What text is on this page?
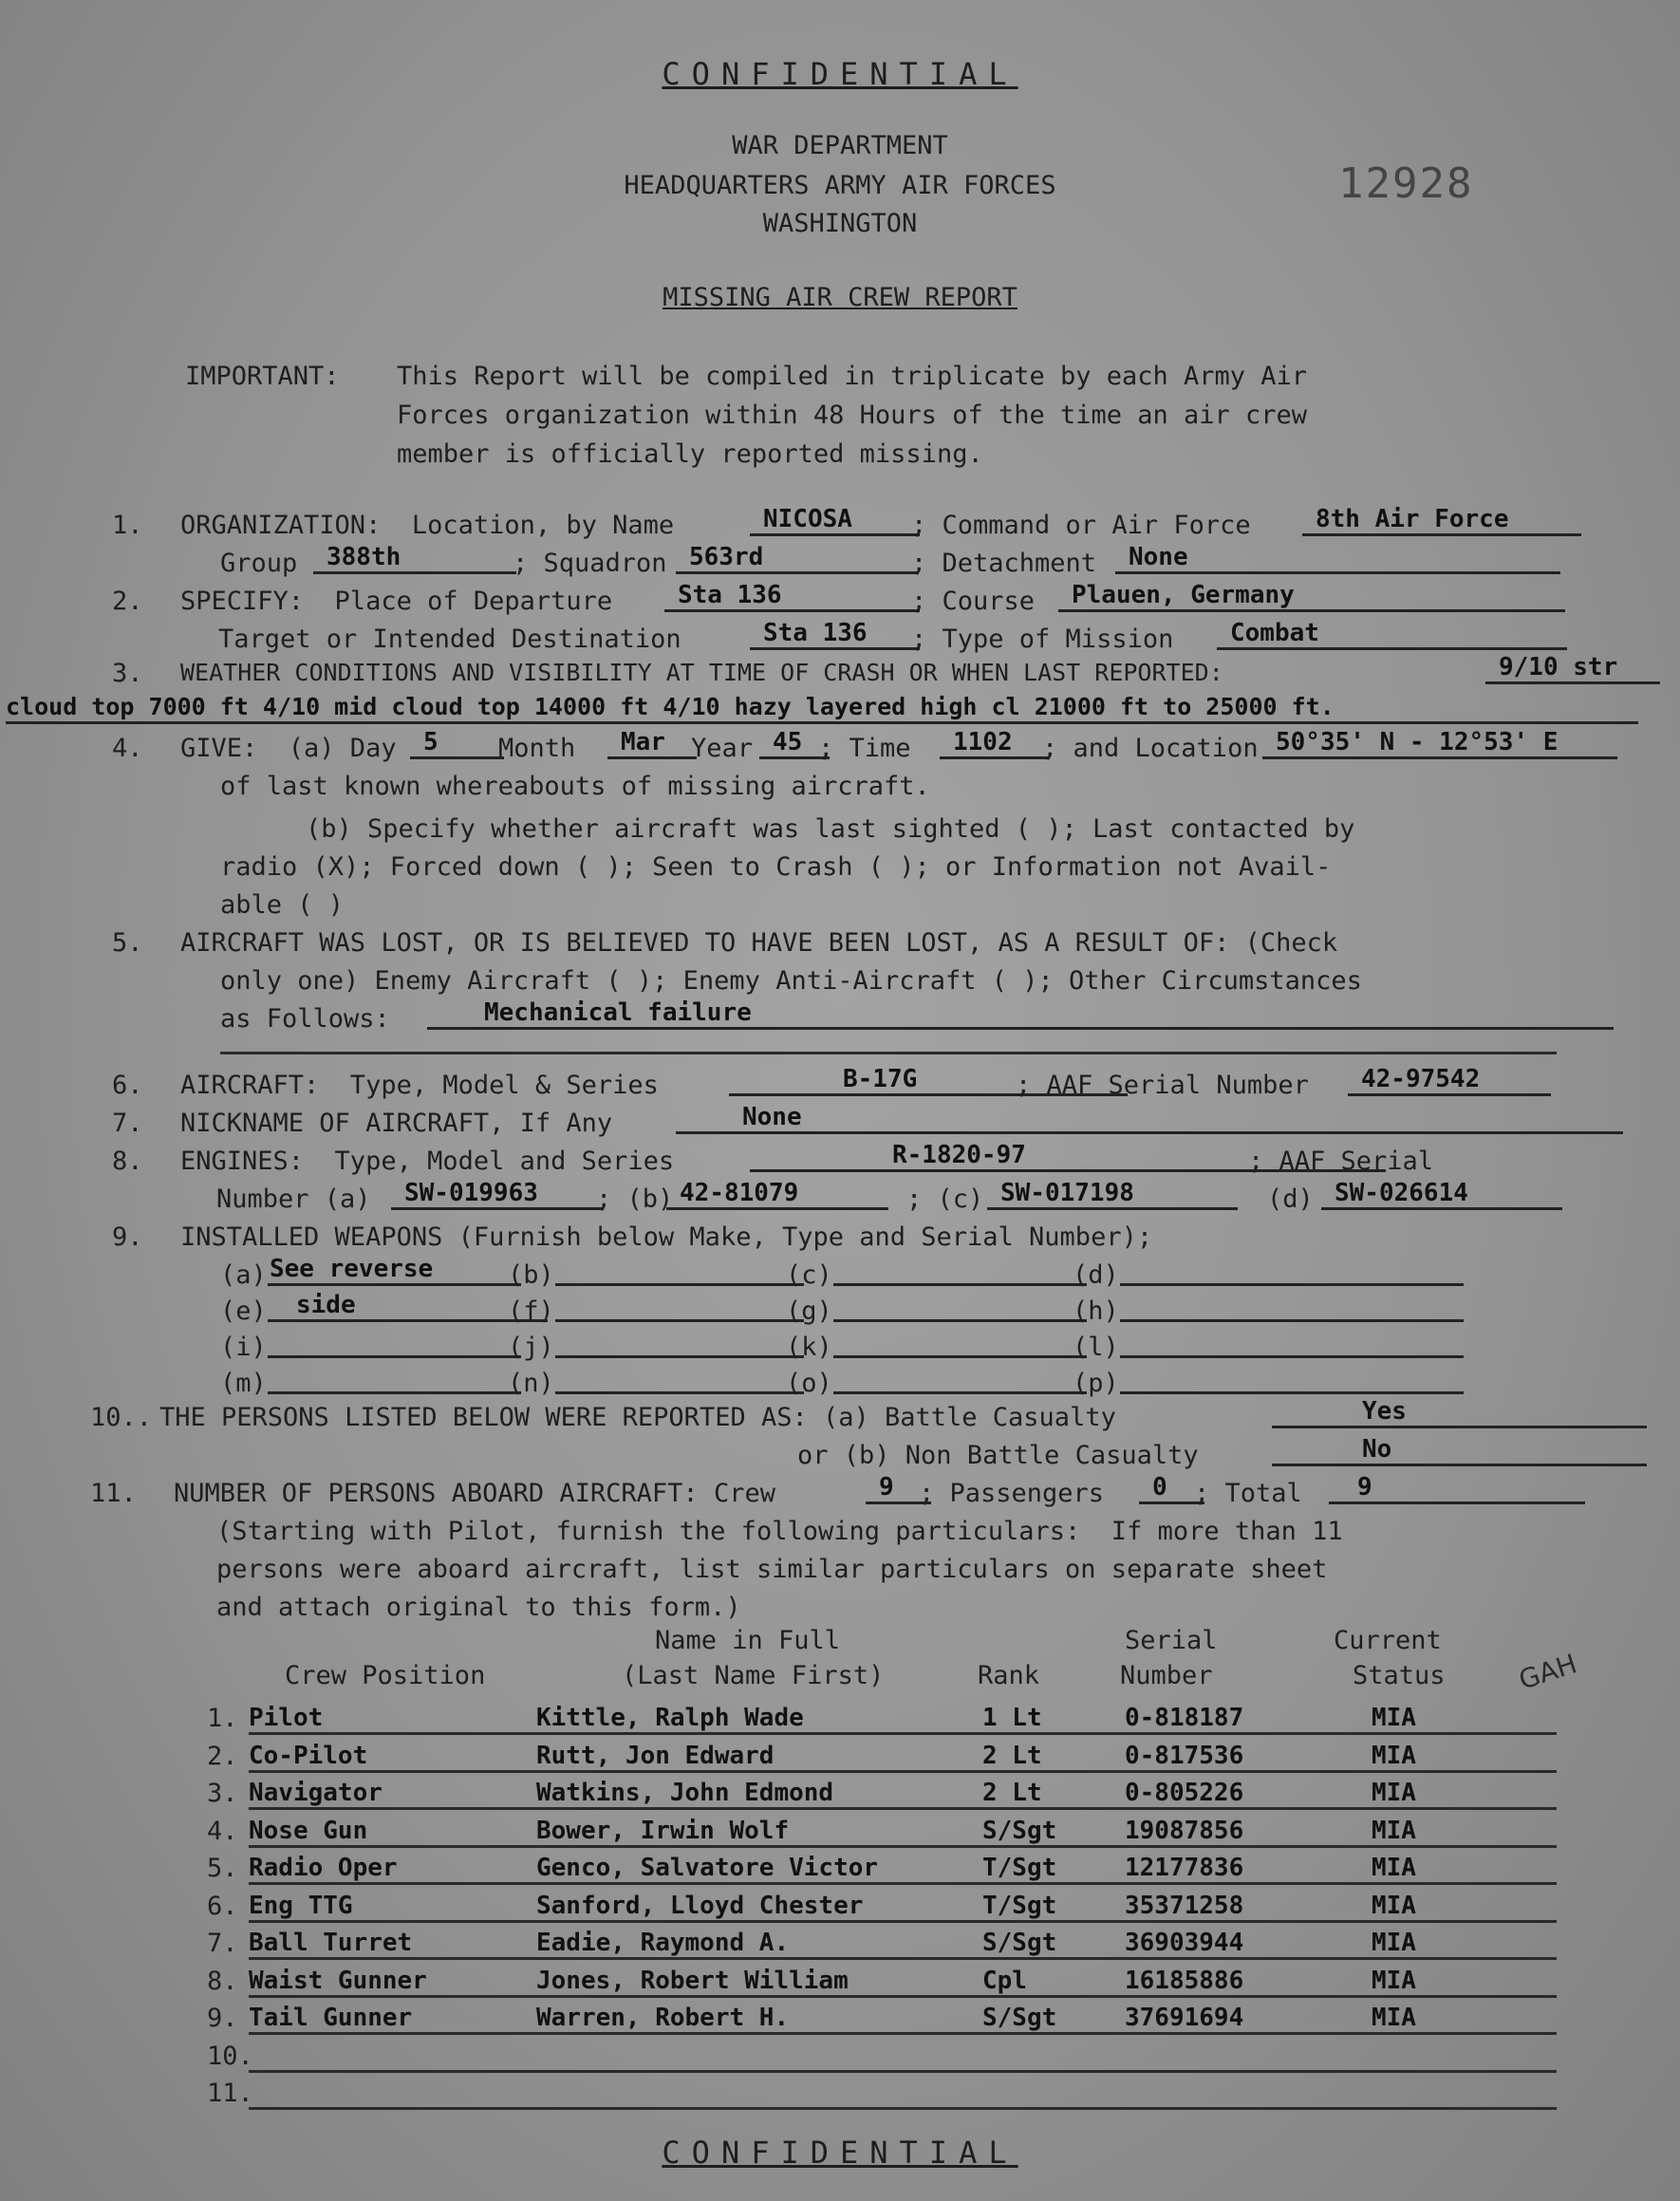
CONFIDENTIAL
WAR DEPARTMENT
HEADQUARTERS ARMY AIR FORCES
WASHINGTON
12928
MISSING AIR CREW REPORT
IMPORTANT: This Report will be compiled in triplicate by each Army Air
Forces organization within 48 Hours of the time an air crew
member is officially reported missing.
1. ORGANIZATION:  Location, by Name	NICOSA	; Command or Air Force	8th Air Force
Group	388th	; Squadron 563rd	; Detachment	None
2. SPECIFY:  Place of Departure	Sta 136	; Course	Plauen, Germany
Target or Intended Destination	Sta 136	; Type of Mission	Combat
3. WEATHER CONDITIONS AND VISIBILITY AT TIME OF CRASH OR WHEN LAST REPORTED:	9/10 str
cloud top 7000 ft 4/10 mid cloud top 14000 ft 4/10 hazy layered high cl 21000 ft to 25000 ft.
4. GIVE:  (a) Day	5	Month	Mar	Year 45 ; Time	1102	; and Location 50°35' N - 12°53' E
of last known whereabouts of missing aircraft.
(b) Specify whether aircraft was last sighted ( ); Last contacted by
radio (X); Forced down ( ); Seen to Crash ( ); or Information not Avail-
able ( )
5. AIRCRAFT WAS LOST, OR IS BELIEVED TO HAVE BEEN LOST, AS A RESULT OF: (Check
only one) Enemy Aircraft ( ); Enemy Anti-Aircraft ( ); Other Circumstances
as Follows:	Mechanical failure
6. AIRCRAFT:  Type, Model & Series	B-17G	; AAF Serial Number	42-97542
7. NICKNAME OF AIRCRAFT, If Any	None
8. ENGINES:  Type, Model and Series	R-1820-97	; AAF Serial
Number (a)	SW-019963	; (b) 42-81079	; (c) SW-017198	(d) SW-026614
9. INSTALLED WEAPONS (Furnish below Make, Type and Serial Number);
(a) See reverse	(b)	(c)	(d)
(e)	side	(f)	(g)	(h)
(i)	(j)	(k)	(l)
(m)	(n)	(o)	(p)
10.. THE PERSONS LISTED BELOW WERE REPORTED AS: (a) Battle Casualty	Yes
or (b) Non Battle Casualty	No
11. NUMBER OF PERSONS ABOARD AIRCRAFT: Crew	9 ; Passengers	0	; Total	9
(Starting with Pilot, furnish the following particulars:  If more than 11
persons were aboard aircraft, list similar particulars on separate sheet
and attach original to this form.)
Name in Full
Crew Position	(Last Name First)	Rank
Serial
Number
Current
Status	GAH
1. Pilot	Kittle, Ralph Wade	1 Lt	0-818187	MIA
2. Co-Pilot	Rutt, Jon Edward	2 Lt	0-817536	MIA
3. Navigator	Watkins, John Edmond	2 Lt	0-805226	MIA
4. Nose Gun	Bower, Irwin Wolf	S/Sgt	19087856	MIA
5. Radio Oper	Genco, Salvatore Victor	T/Sgt	12177836	MIA
6. Eng TTG	Sanford, Lloyd Chester	T/Sgt	35371258	MIA
7. Ball Turret	Eadie, Raymond A.	S/Sgt	36903944	MIA
8. Waist Gunner	Jones, Robert William	Cpl	16185886	MIA
9. Tail Gunner	Warren, Robert H.	S/Sgt	37691694	MIA
10.
11.
CONFIDENTIAL
